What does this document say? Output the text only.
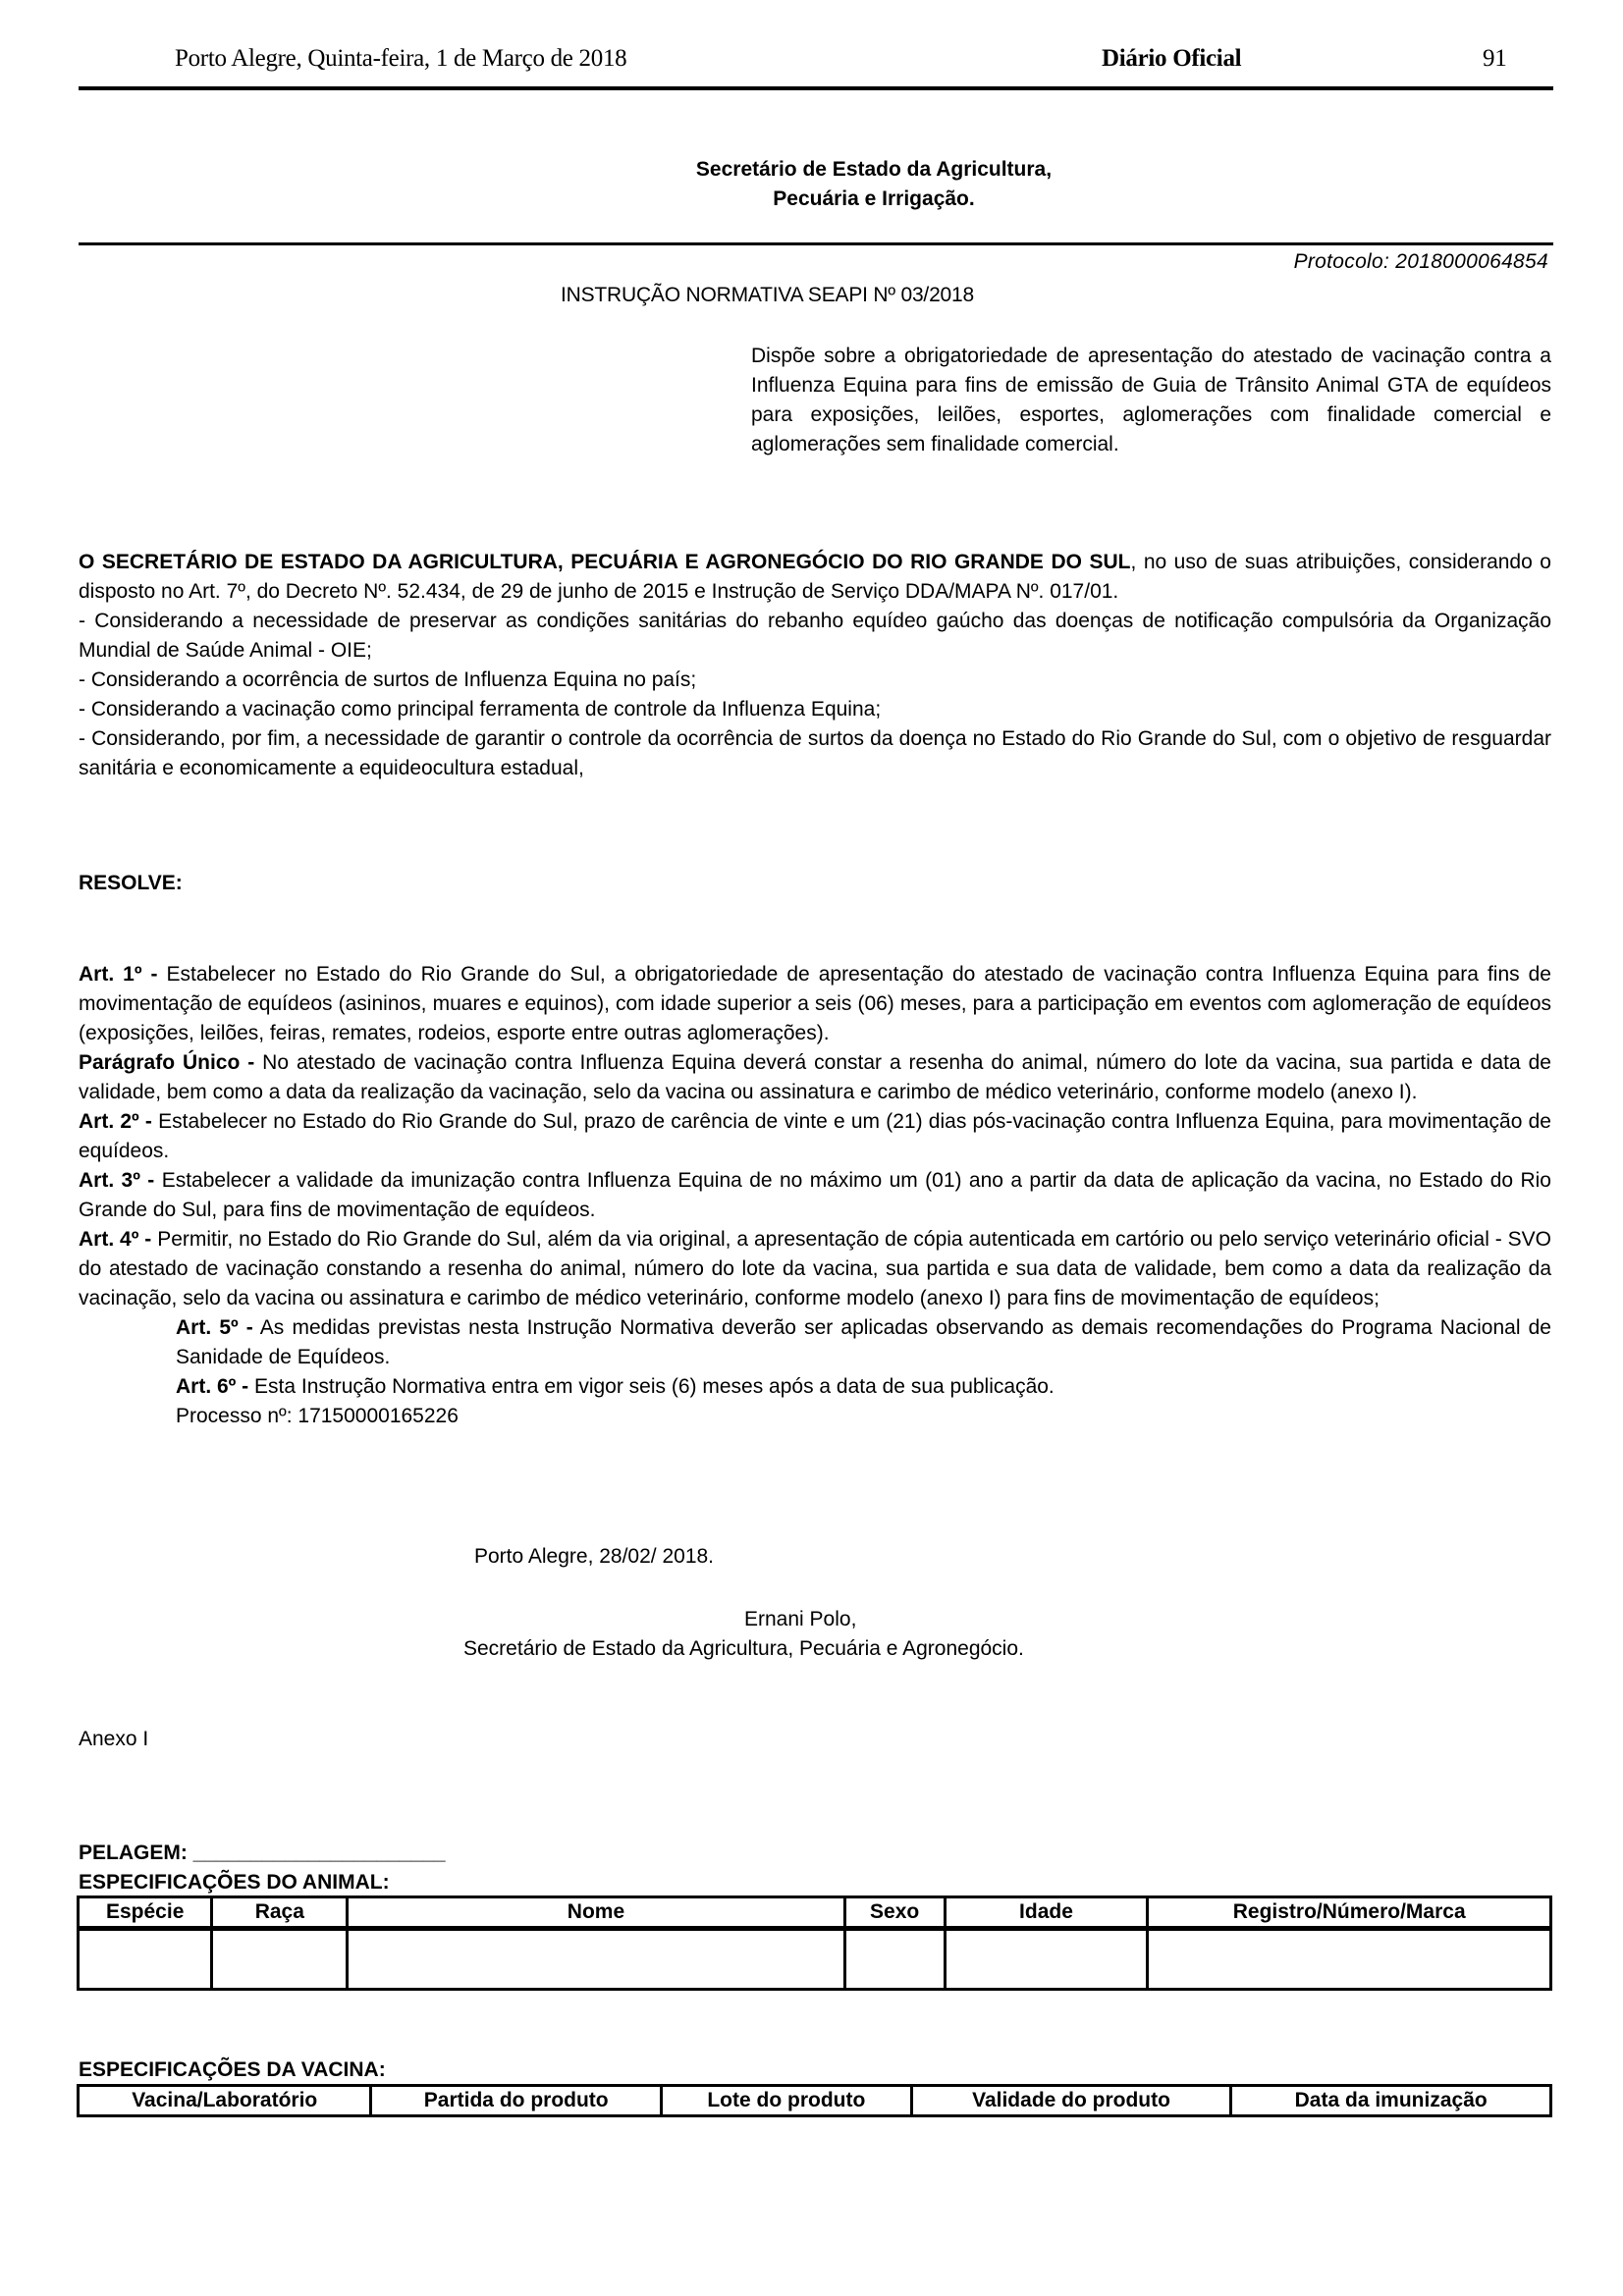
Porto Alegre, Quinta-feira, 1 de Março de 2018	Diário Oficial	91
Secretário de Estado da Agricultura,
Pecuária e Irrigação.
Protocolo: 2018000064854
INSTRUÇÃO NORMATIVA SEAPI Nº 03/2018
Dispõe sobre a obrigatoriedade de apresentação do atestado de vacinação contra a Influenza Equina para fins de emissão de Guia de Trânsito Animal GTA de equídeos para exposições, leilões, esportes, aglomerações com finalidade comercial e aglomerações sem finalidade comercial.

O SECRETÁRIO DE ESTADO DA AGRICULTURA, PECUÁRIA E AGRONEGÓCIO DO RIO GRANDE DO SUL, no uso de suas atribuições, considerando o disposto no Art. 7º, do Decreto Nº. 52.434, de 29 de junho de 2015 e Instrução de Serviço DDA/MAPA Nº. 017/01.

- Considerando a necessidade de preservar as condições sanitárias do rebanho equídeo gaúcho das doenças de notificação compulsória da Organização Mundial de Saúde Animal - OIE;

- Considerando a ocorrência de surtos de Influenza Equina no país;

- Considerando a vacinação como principal ferramenta de controle da Influenza Equina;

- Considerando, por fim, a necessidade de garantir o controle da ocorrência de surtos da doença no Estado do Rio Grande do Sul, com o objetivo de resguardar sanitária e economicamente a equideocultura estadual,

RESOLVE:

Art. 1º - Estabelecer no Estado do Rio Grande do Sul, a obrigatoriedade de apresentação do atestado de vacinação contra Influenza Equina para fins de movimentação de equídeos (asininos, muares e equinos), com idade superior a seis (06) meses, para a participação em eventos com aglomeração de equídeos (exposições, leilões, feiras, remates, rodeios, esporte entre outras aglomerações).

Parágrafo Único - No atestado de vacinação contra Influenza Equina deverá constar a resenha do animal, número do lote da vacina, sua partida e data de validade, bem como a data da realização da vacinação, selo da vacina ou assinatura e carimbo de médico veterinário, conforme modelo (anexo I).

Art. 2º - Estabelecer no Estado do Rio Grande do Sul, prazo de carência de vinte e um (21) dias pós-vacinação contra Influenza Equina, para movimentação de equídeos.

Art. 3º - Estabelecer a validade da imunização contra Influenza Equina de no máximo um (01) ano a partir da data de aplicação da vacina, no Estado do Rio Grande do Sul, para fins de movimentação de equídeos.

Art. 4º - Permitir, no Estado do Rio Grande do Sul, além da via original, a apresentação de cópia autenticada em cartório ou pelo serviço veterinário oficial - SVO do atestado de vacinação constando a resenha do animal, número do lote da vacina, sua partida e sua data de validade, bem como a data da realização da vacinação, selo da vacina ou assinatura e carimbo de médico veterinário, conforme modelo (anexo I) para fins de movimentação de equídeos;

Art. 5º - As medidas previstas nesta Instrução Normativa deverão ser aplicadas observando as demais recomendações do Programa Nacional de Sanidade de Equídeos.

Art. 6º - Esta Instrução Normativa entra em vigor seis (6) meses após a data de sua publicação.

Processo nº: 17150000165226

Porto Alegre, 28/02/ 2018.
Ernani Polo,
Secretário de Estado da Agricultura, Pecuária e Agronegócio.
Anexo I
PELAGEM: ______________________
ESPECIFICAÇÕES DO ANIMAL:
Espécie	Raça	Nome	Sexo	Idade	Registro/Número/Marca

ESPECIFICAÇÕES DA VACINA:
Vacina/Laboratório	Partida do produto	Lote do produto	Validade do produto	Data da imunização
